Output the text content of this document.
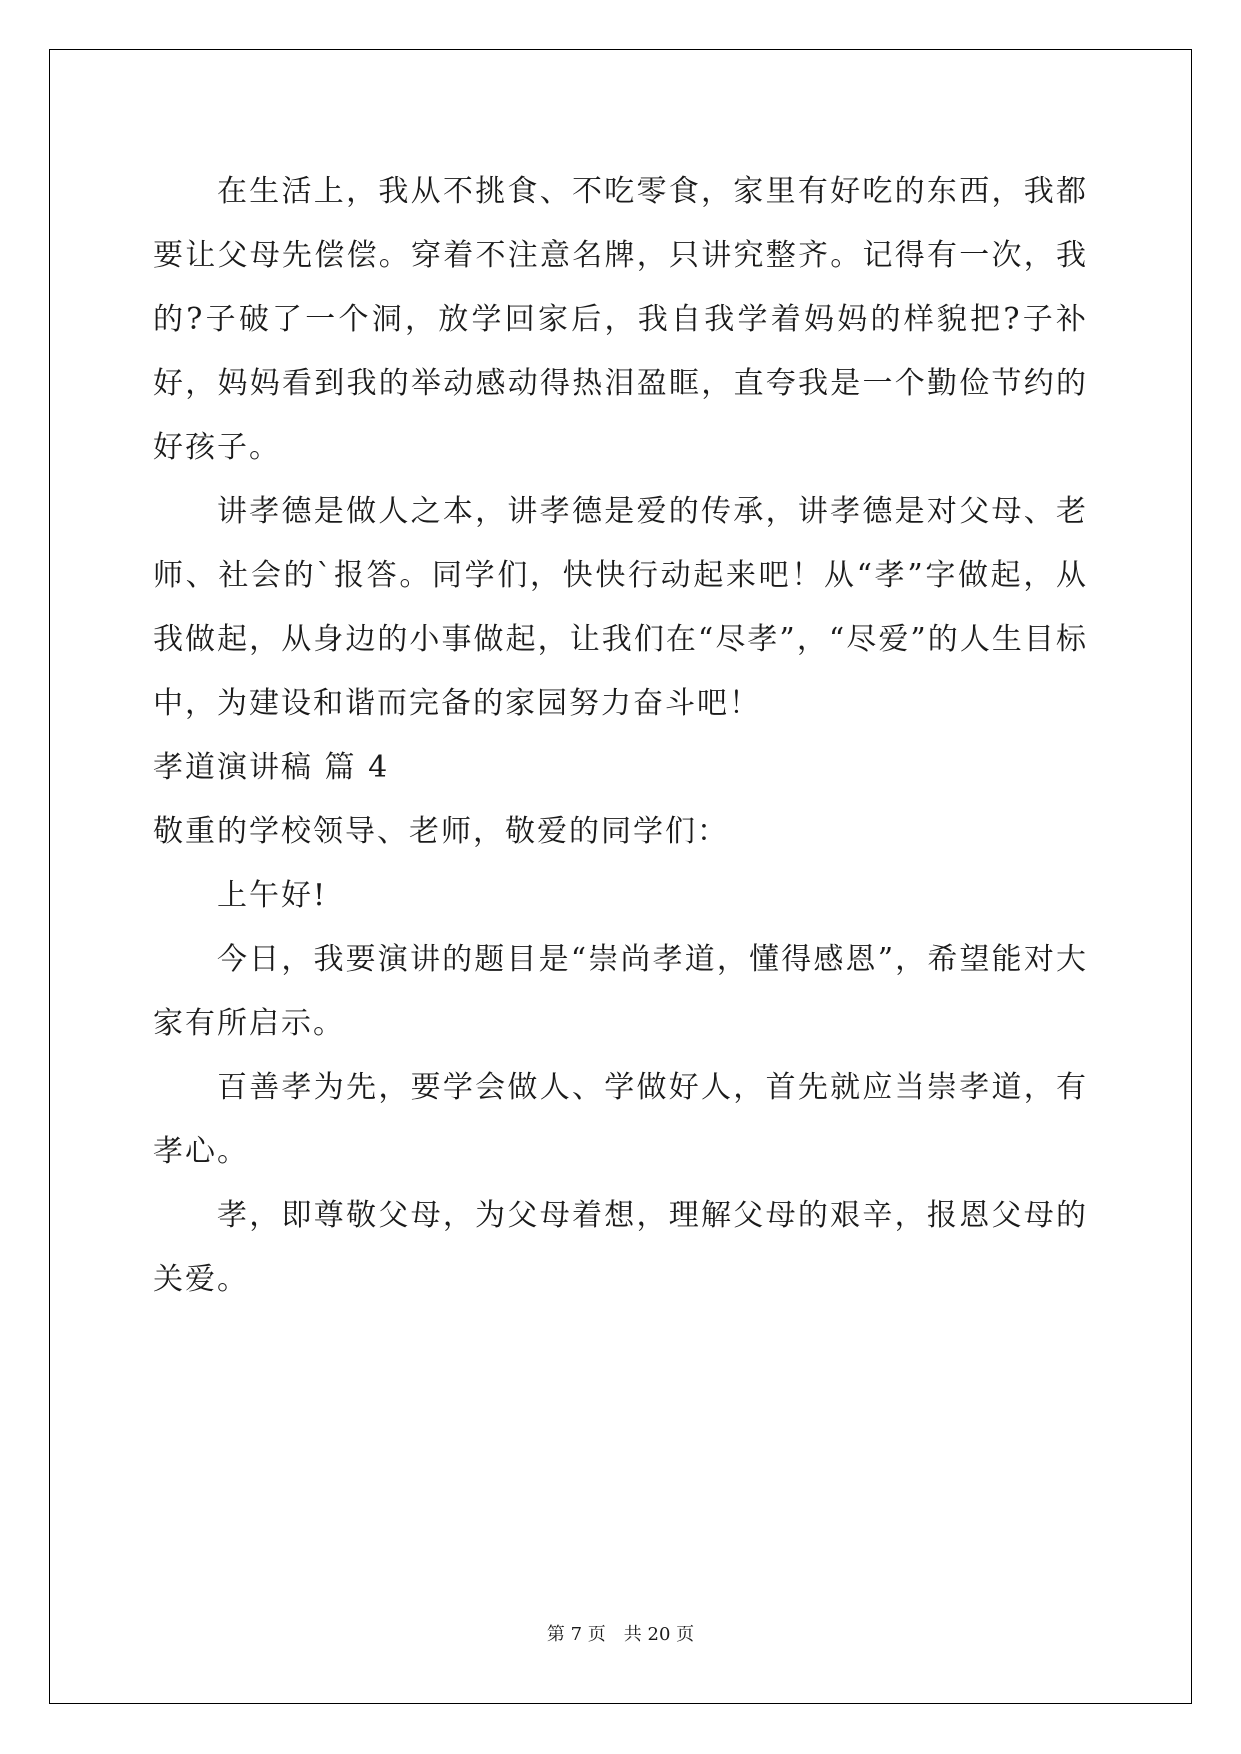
在生活上，我从不挑食、不吃零食，家里有好吃的东西，我都要让父母先偿偿。穿着不注意名牌，只讲究整齐。记得有一次，我的?子破了一个洞，放学回家后，我自我学着妈妈的样貌把?子补好，妈妈看到我的举动感动得热泪盈眶，直夸我是一个勤俭节约的好孩子。

讲孝德是做人之本，讲孝德是爱的传承，讲孝德是对父母、老师、社会的`报答。同学们，快快行动起来吧！从“孝”字做起，从我做起，从身边的小事做起，让我们在“尽孝”，“尽爱”的人生目标中，为建设和谐而完备的家园努力奋斗吧！

孝道演讲稿 篇 4

敬重的学校领导、老师，敬爱的同学们：

上午好!

今日，我要演讲的题目是“崇尚孝道，懂得感恩”，希望能对大家有所启示。

百善孝为先，要学会做人、学做好人，首先就应当崇孝道，有孝心。

孝，即尊敬父母，为父母着想，理解父母的艰辛，报恩父母的关爱。

第 7 页 共 20 页
